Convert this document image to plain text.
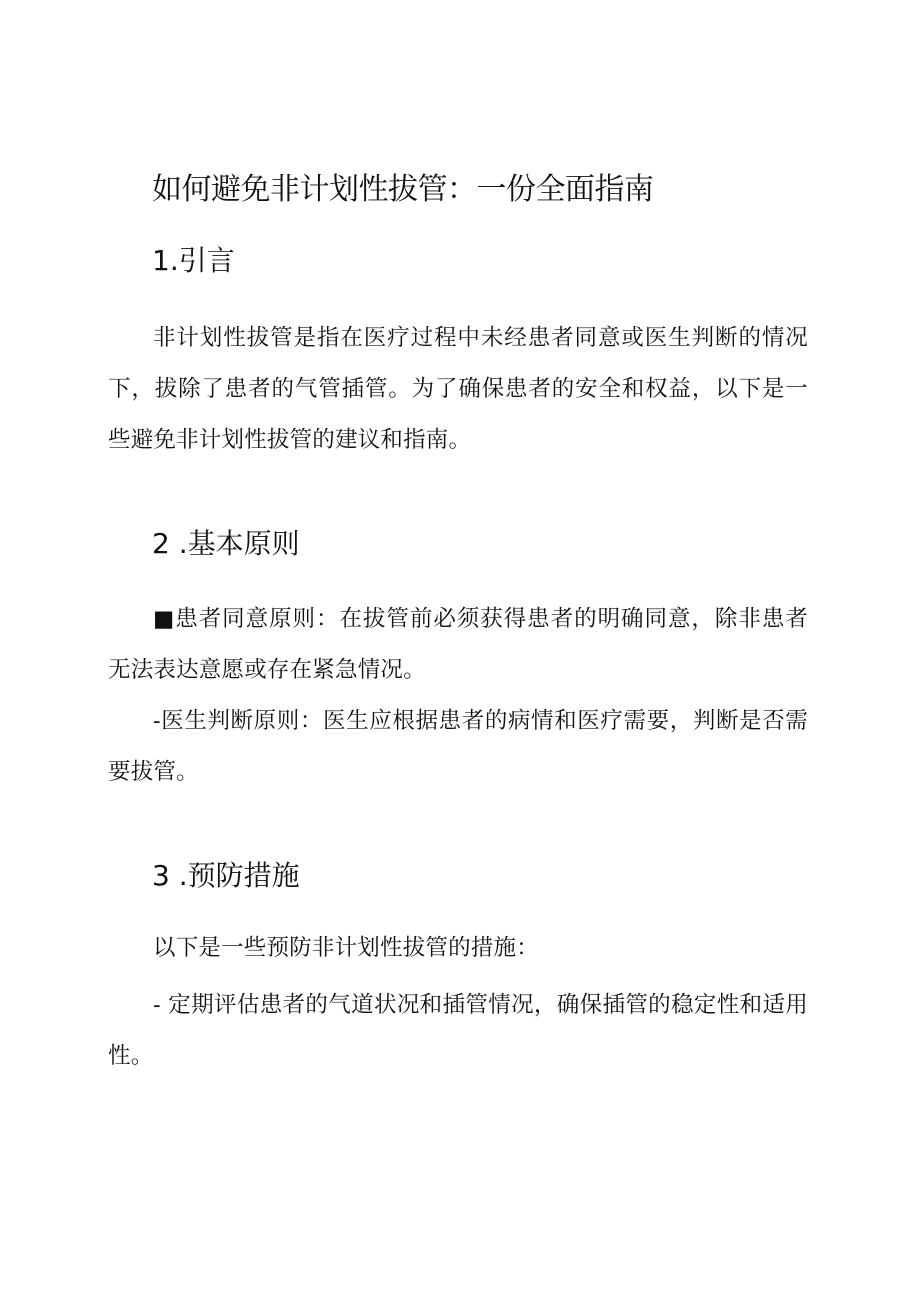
如何避免非计划性拔管：一份全面指南
1.引言
非计划性拔管是指在医疗过程中未经患者同意或医生判断的情况下，拔除了患者的气管插管。为了确保患者的安全和权益，以下是一些避免非计划性拔管的建议和指南。
2 .基本原则
■患者同意原则：在拔管前必须获得患者的明确同意，除非患者无法表达意愿或存在紧急情况。
-医生判断原则：医生应根据患者的病情和医疗需要，判断是否需要拔管。
3 .预防措施
以下是一些预防非计划性拔管的措施：
- 定期评估患者的气道状况和插管情况，确保插管的稳定性和适用性。
